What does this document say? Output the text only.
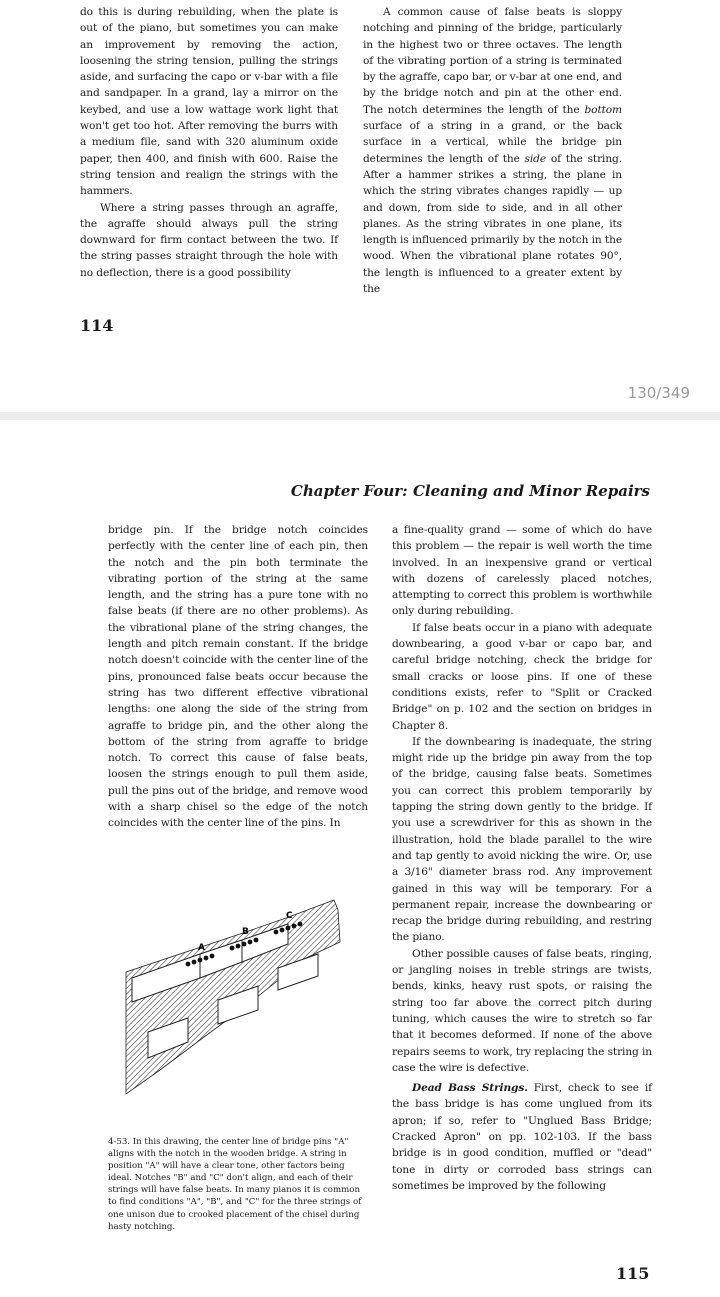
do this is during rebuilding, when the plate is out of the piano, but sometimes you can make an improvement by removing the action, loosening the string tension, pulling the strings aside, and surfacing the capo or v-bar with a file and sandpaper. In a grand, lay a mirror on the keybed, and use a low wattage work light that won't get too hot. After removing the burrs with a medium file, sand with 320 aluminum oxide paper, then 400, and finish with 600. Raise the string tension and realign the strings with the hammers.

Where a string passes through an agraffe, the agraffe should always pull the string downward for firm contact between the two. If the string passes straight through the hole with no deflection, there is a good possibility

A common cause of false beats is sloppy notching and pinning of the bridge, particularly in the highest two or three octaves. The length of the vibrating portion of a string is terminated by the agraffe, capo bar, or v-bar at one end, and by the bridge notch and pin at the other end. The notch determines the length of the bottom surface of a string in a grand, or the back surface in a vertical, while the bridge pin determines the length of the side of the string. After a hammer strikes a string, the plane in which the string vibrates changes rapidly — up and down, from side to side, and in all other planes. As the string vibrates in one plane, its length is influenced primarily by the notch in the wood. When the vibrational plane rotates 90°, the length is influenced to a greater extent by the

114
130/349
Chapter Four: Cleaning and Minor Repairs

bridge pin. If the bridge notch coincides perfectly with the center line of each pin, then the notch and the pin both terminate the vibrating portion of the string at the same length, and the string has a pure tone with no false beats (if there are no other problems). As the vibrational plane of the string changes, the length and pitch remain constant. If the bridge notch doesn't coincide with the center line of the pins, pronounced false beats occur because the string has two different effective vibrational lengths: one along the side of the string from agraffe to bridge pin, and the other along the bottom of the string from agraffe to bridge notch. To correct this cause of false beats, loosen the strings enough to pull them aside, pull the pins out of the bridge, and remove wood with a sharp chisel so the edge of the notch coincides with the center line of the pins. In

A
B
C
4-53. In this drawing, the center line of bridge pins "A" aligns with the notch in the wooden bridge. A string in position "A" will have a clear tone, other factors being ideal. Notches "B" and "C" don't align, and each of their strings will have false beats. In many pianos it is common to find conditions "A", "B", and "C" for the three strings of one unison due to crooked placement of the chisel during hasty notching.

a fine-quality grand — some of which do have this problem — the repair is well worth the time involved. In an inexpensive grand or vertical with dozens of carelessly placed notches, attempting to correct this problem is worthwhile only during rebuilding.

If false beats occur in a piano with adequate downbearing, a good v-bar or capo bar, and careful bridge notching, check the bridge for small cracks or loose pins. If one of these conditions exists, refer to "Split or Cracked Bridge" on p. 102 and the section on bridges in Chapter 8.

If the downbearing is inadequate, the string might ride up the bridge pin away from the top of the bridge, causing false beats. Sometimes you can correct this problem temporarily by tapping the string down gently to the bridge. If you use a screwdriver for this as shown in the illustration, hold the blade parallel to the wire and tap gently to avoid nicking the wire. Or, use a 3/16" diameter brass rod. Any improvement gained in this way will be temporary. For a permanent repair, increase the downbearing or recap the bridge during rebuilding, and restring the piano.

Other possible causes of false beats, ringing, or jangling noises in treble strings are twists, bends, kinks, heavy rust spots, or raising the string too far above the correct pitch during tuning, which causes the wire to stretch so far that it becomes deformed. If none of the above repairs seems to work, try replacing the string in case the wire is defective.

Dead Bass Strings. First, check to see if the bass bridge is has come unglued from its apron; if so, refer to "Unglued Bass Bridge; Cracked Apron" on pp. 102-103. If the bass bridge is in good condition, muffled or "dead" tone in dirty or corroded bass strings can sometimes be improved by the following

115
